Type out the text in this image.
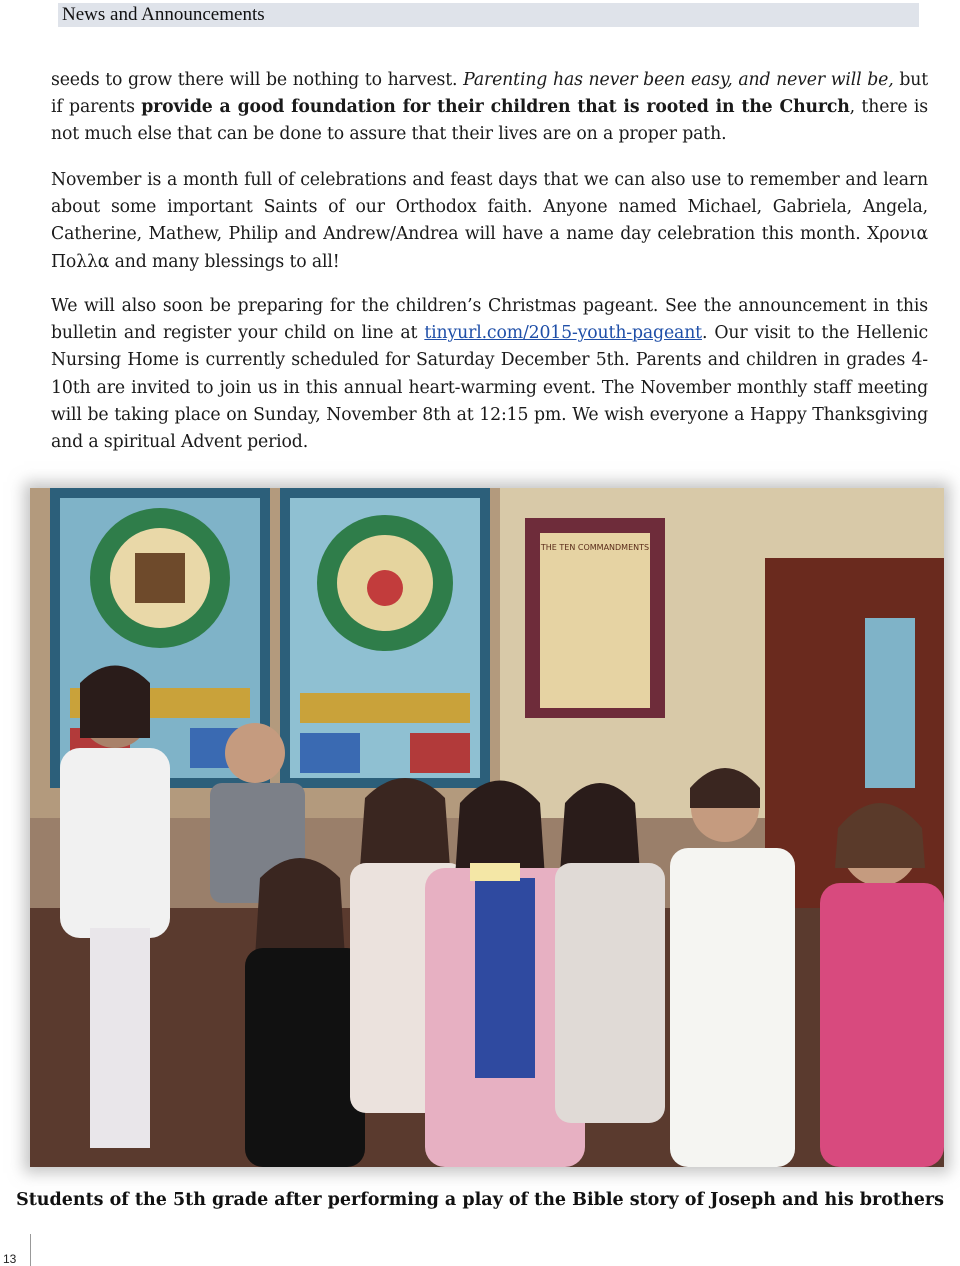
News and Announcements

seeds to grow there will be nothing to harvest. Parenting has never been easy, and never will be, but if parents provide a good foundation for their children that is rooted in the Church, there is not much else that can be done to assure that their lives are on a proper path.

November is a month full of celebrations and feast days that we can also use to remember and learn about some important Saints of our Orthodox faith. Anyone named Michael, Gabriela, Angela, Catherine, Mathew, Philip and Andrew/Andrea will have a name day celebration this month. Χρονια Πολλα and many blessings to all!

We will also soon be preparing for the children’s Christmas pageant. See the announcement in this bulletin and register your child on line at tinyurl.com/2015-youth-pageant. Our visit to the Hellenic Nursing Home is currently scheduled for Saturday December 5th. Parents and children in grades 4-10th are invited to join us in this annual heart-warming event. The November monthly staff meeting will be taking place on Sunday, November 8th at 12:15 pm. We wish everyone a Happy Thanksgiving and a spiritual Advent period.

THE TEN COMMANDMENTS
Students of the 5th grade after performing a play of the Bible story of Joseph and his brothers
13
